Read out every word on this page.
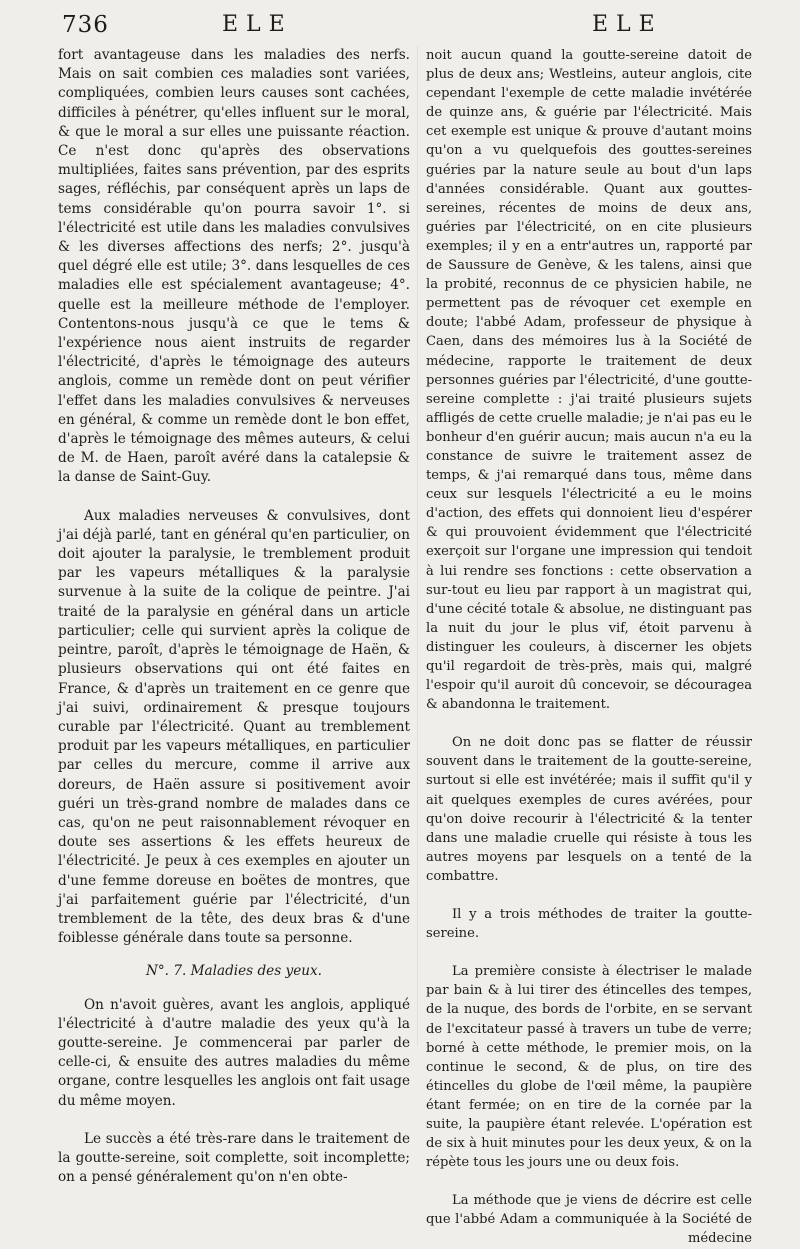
736	ELE	ELE

fort avantageuse dans les maladies des nerfs. Mais on sait combien ces maladies sont variées, compliquées, combien leurs causes sont cachées, difficiles à pénétrer, qu'elles influent sur le moral, & que le moral a sur elles une puissante réaction. Ce n'est donc qu'après des observations multipliées, faites sans prévention, par des esprits sages, réfléchis, par conséquent après un laps de tems considérable qu'on pourra savoir 1°. si l'électricité est utile dans les maladies convulsives & les diverses affections des nerfs; 2°. jusqu'à quel dégré elle est utile; 3°. dans lesquelles de ces maladies elle est spécialement avantageuse; 4°. quelle est la meilleure méthode de l'employer. Contentons-nous jusqu'à ce que le tems & l'expérience nous aient instruits de regarder l'électricité, d'après le témoignage des auteurs anglois, comme un remède dont on peut vérifier l'effet dans les maladies convulsives & nerveuses en général, & comme un remède dont le bon effet, d'après le témoignage des mêmes auteurs, & celui de M. de Haen, paroît avéré dans la catalepsie & la danse de Saint-Guy.

Aux maladies nerveuses & convulsives, dont j'ai déjà parlé, tant en général qu'en particulier, on doit ajouter la paralysie, le tremblement produit par les vapeurs métalliques & la paralysie survenue à la suite de la colique de peintre. J'ai traité de la paralysie en général dans un article particulier; celle qui survient après la colique de peintre, paroît, d'après le témoignage de Haën, & plusieurs observations qui ont été faites en France, & d'après un traitement en ce genre que j'ai suivi, ordinairement & presque toujours curable par l'électricité. Quant au tremblement produit par les vapeurs métalliques, en particulier par celles du mercure, comme il arrive aux doreurs, de Haën assure si positivement avoir guéri un très-grand nombre de malades dans ce cas, qu'on ne peut raisonnablement révoquer en doute ses assertions & les effets heureux de l'électricité. Je peux à ces exemples en ajouter un d'une femme doreuse en boëtes de montres, que j'ai parfaitement guérie par l'électricité, d'un tremblement de la tête, des deux bras & d'une foiblesse générale dans toute sa personne.

N°. 7. Maladies des yeux.

On n'avoit guères, avant les anglois, appliqué l'électricité à d'autre maladie des yeux qu'à la goutte-sereine. Je commencerai par parler de celle-ci, & ensuite des autres maladies du même organe, contre lesquelles les anglois ont fait usage du même moyen.

Le succès a été très-rare dans le traitement de la goutte-sereine, soit complette, soit incomplette; on a pensé généralement qu'on n'en obte-

noit aucun quand la goutte-sereine datoit de plus de deux ans; Westleins, auteur anglois, cite cependant l'exemple de cette maladie invétérée de quinze ans, & guérie par l'électricité. Mais cet exemple est unique & prouve d'autant moins qu'on a vu quelquefois des gouttes-sereines guéries par la nature seule au bout d'un laps d'années considérable. Quant aux gouttes-sereines, récentes de moins de deux ans, guéries par l'électricité, on en cite plusieurs exemples; il y en a entr'autres un, rapporté par de Saussure de Genève, & les talens, ainsi que la probité, reconnus de ce physicien habile, ne permettent pas de révoquer cet exemple en doute; l'abbé Adam, professeur de physique à Caen, dans des mémoires lus à la Société de médecine, rapporte le traitement de deux personnes guéries par l'électricité, d'une goutte-sereine complette : j'ai traité plusieurs sujets affligés de cette cruelle maladie; je n'ai pas eu le bonheur d'en guérir aucun; mais aucun n'a eu la constance de suivre le traitement assez de temps, & j'ai remarqué dans tous, même dans ceux sur lesquels l'électricité a eu le moins d'action, des effets qui donnoient lieu d'espérer & qui prouvoient évidemment que l'électricité exerçoit sur l'organe une impression qui tendoit à lui rendre ses fonctions : cette observation a sur-tout eu lieu par rapport à un magistrat qui, d'une cécité totale & absolue, ne distinguant pas la nuit du jour le plus vif, étoit parvenu à distinguer les couleurs, à discerner les objets qu'il regardoit de très-près, mais qui, malgré l'espoir qu'il auroit dû concevoir, se découragea & abandonna le traitement.

On ne doit donc pas se flatter de réussir souvent dans le traitement de la goutte-sereine, surtout si elle est invétérée; mais il suffit qu'il y ait quelques exemples de cures avérées, pour qu'on doive recourir à l'électricité & la tenter dans une maladie cruelle qui résiste à tous les autres moyens par lesquels on a tenté de la combattre.

Il y a trois méthodes de traiter la goutte-sereine.

La première consiste à électriser le malade par bain & à lui tirer des étincelles des tempes, de la nuque, des bords de l'orbite, en se servant de l'excitateur passé à travers un tube de verre; borné à cette méthode, le premier mois, on la continue le second, & de plus, on tire des étincelles du globe de l'œil même, la paupière étant fermée; on en tire de la cornée par la suite, la paupière étant relevée. L'opération est de six à huit minutes pour les deux yeux, & on la répète tous les jours une ou deux fois.

La méthode que je viens de décrire est celle que l'abbé Adam a communiquée à la Société de médecine
